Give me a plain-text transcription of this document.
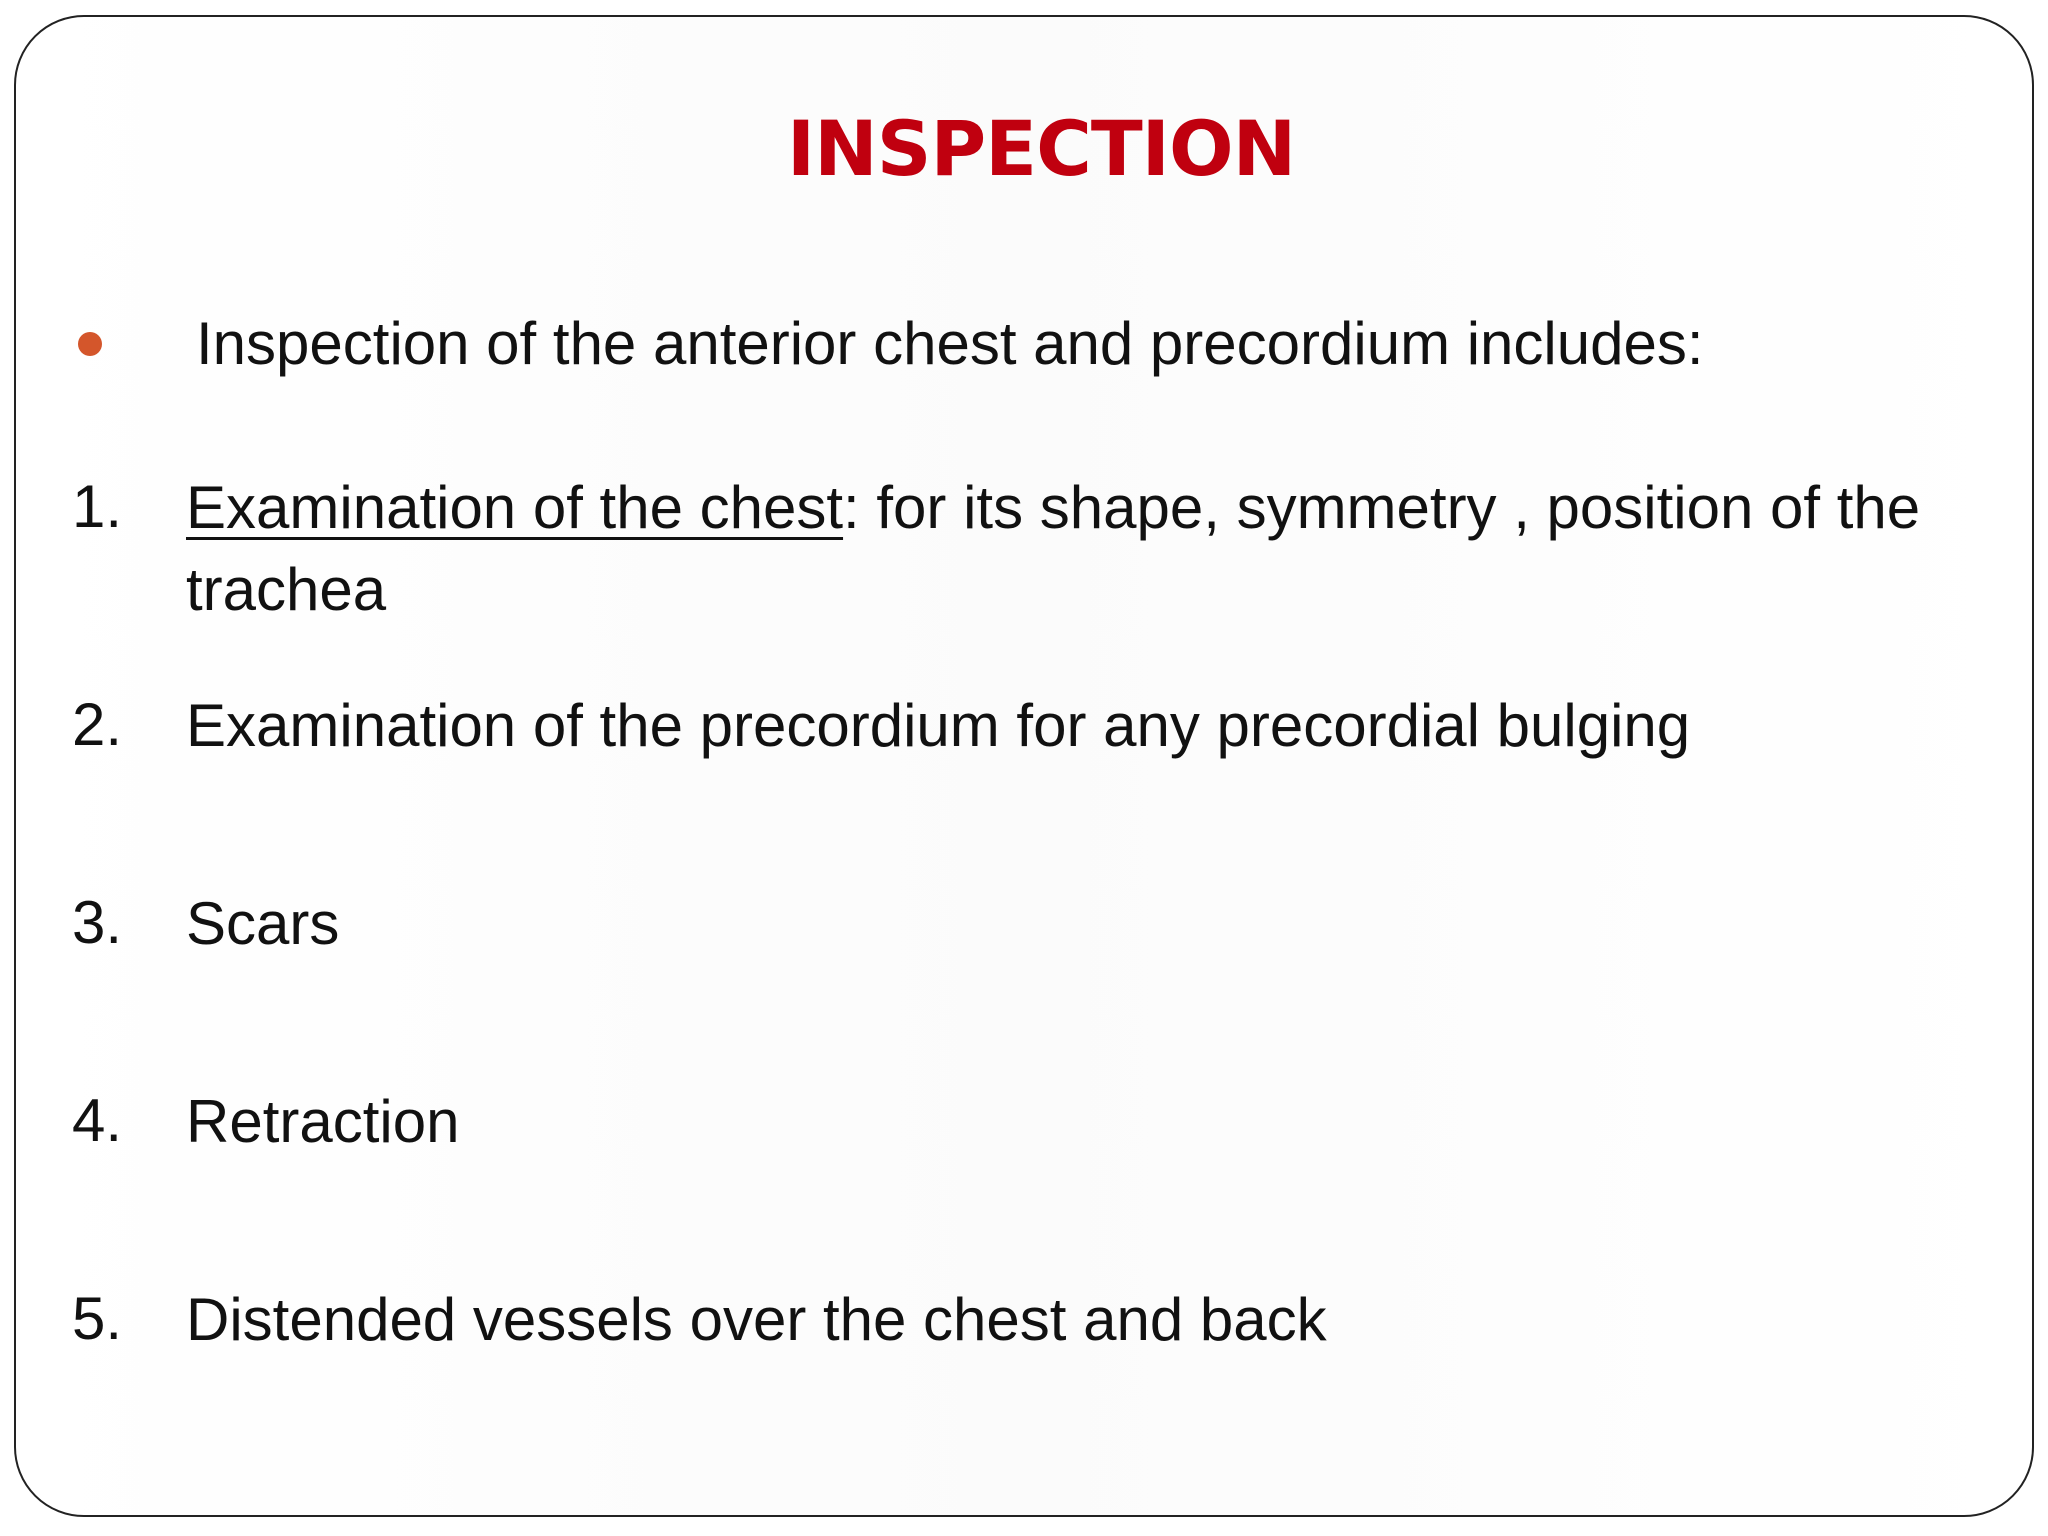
INSPECTION
Inspection of the anterior chest and precordium includes:
1. Examination of the chest: for its shape, symmetry , position of the trachea
2. Examination of the precordium for any precordial bulging
3. Scars
4. Retraction
5. Distended vessels over the chest and back
